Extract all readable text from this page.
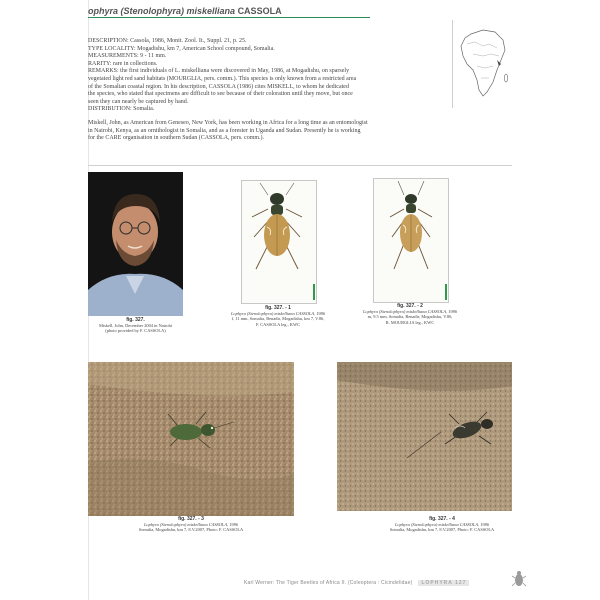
ophyra (Stenolophyra) miskelliana CASSOLA

DESCRIPTION: Cassola, 1986, Monit. Zool. It., Suppl. 21, p. 25.

TYPE LOCALITY: Mogadishu, km 7, American School compound, Somalia.

MEASUREMENTS: 9 - 11 mm.

RARITY: rare in collections.

REMARKS: the first individuals of L. miskelliana were discovered in May, 1986, at Mogadishu, on sparsely

vegetated light red sand habitats (MOURGLIA, pers. comm.). This species is only known from a restricted area

of the Somalian coastal region. In his description, CASSOLA (1986) cites MISKELL, to whom he dedicated

the species, who stated that specimens are difficult to see because of their coloration until they move, but once

seen they can nearly be captured by hand.

DISTRIBUTION: Somalia.

Miskell, John, as American from Geneseo, New York, has been working in Africa for a long time as an entomologist

in Nairobi, Kenya, as an ornithologist in Somalia, and as a forester in Uganda and Sudan. Presently he is working

for the CARE organisation in southern Sudan (CASSOLA, pers. comm.).

fig. 327.
Miskell, John, December 2004 in Nairobi
(photo provided by F. CASSOLA)
fig. 327. - 1
Lophyra (Stenolophyra) miskelliana CASSOLA, 1986
f, 11 mm, Somalia, Benadir, Mogadishu, km 7, V.86,
F. CASSOLA leg., KWC
fig. 327. - 2
Lophyra (Stenolophyra) miskelliana CASSOLA, 1986
m, 9.5 mm, Somalia, Benadir, Mogadishu, V.86,
R. MOURGLIA leg., KWC
fig. 327. - 3
Lophyra (Stenolophyra) miskelliana CASSOLA, 1986
Somalia, Mogadishu, km 7, 8.V.2007, Photo: F. CASSOLA
fig. 327. - 4
Lophyra (Stenolophyra) miskelliana CASSOLA, 1986
Somalia, Mogadishu, km 7, 8.V.2007, Photo: F. CASSOLA
Karl Werner: The Tiger Beetles of Africa II. (Coleoptera : Cicindelidae)	LOPHYRA 127
